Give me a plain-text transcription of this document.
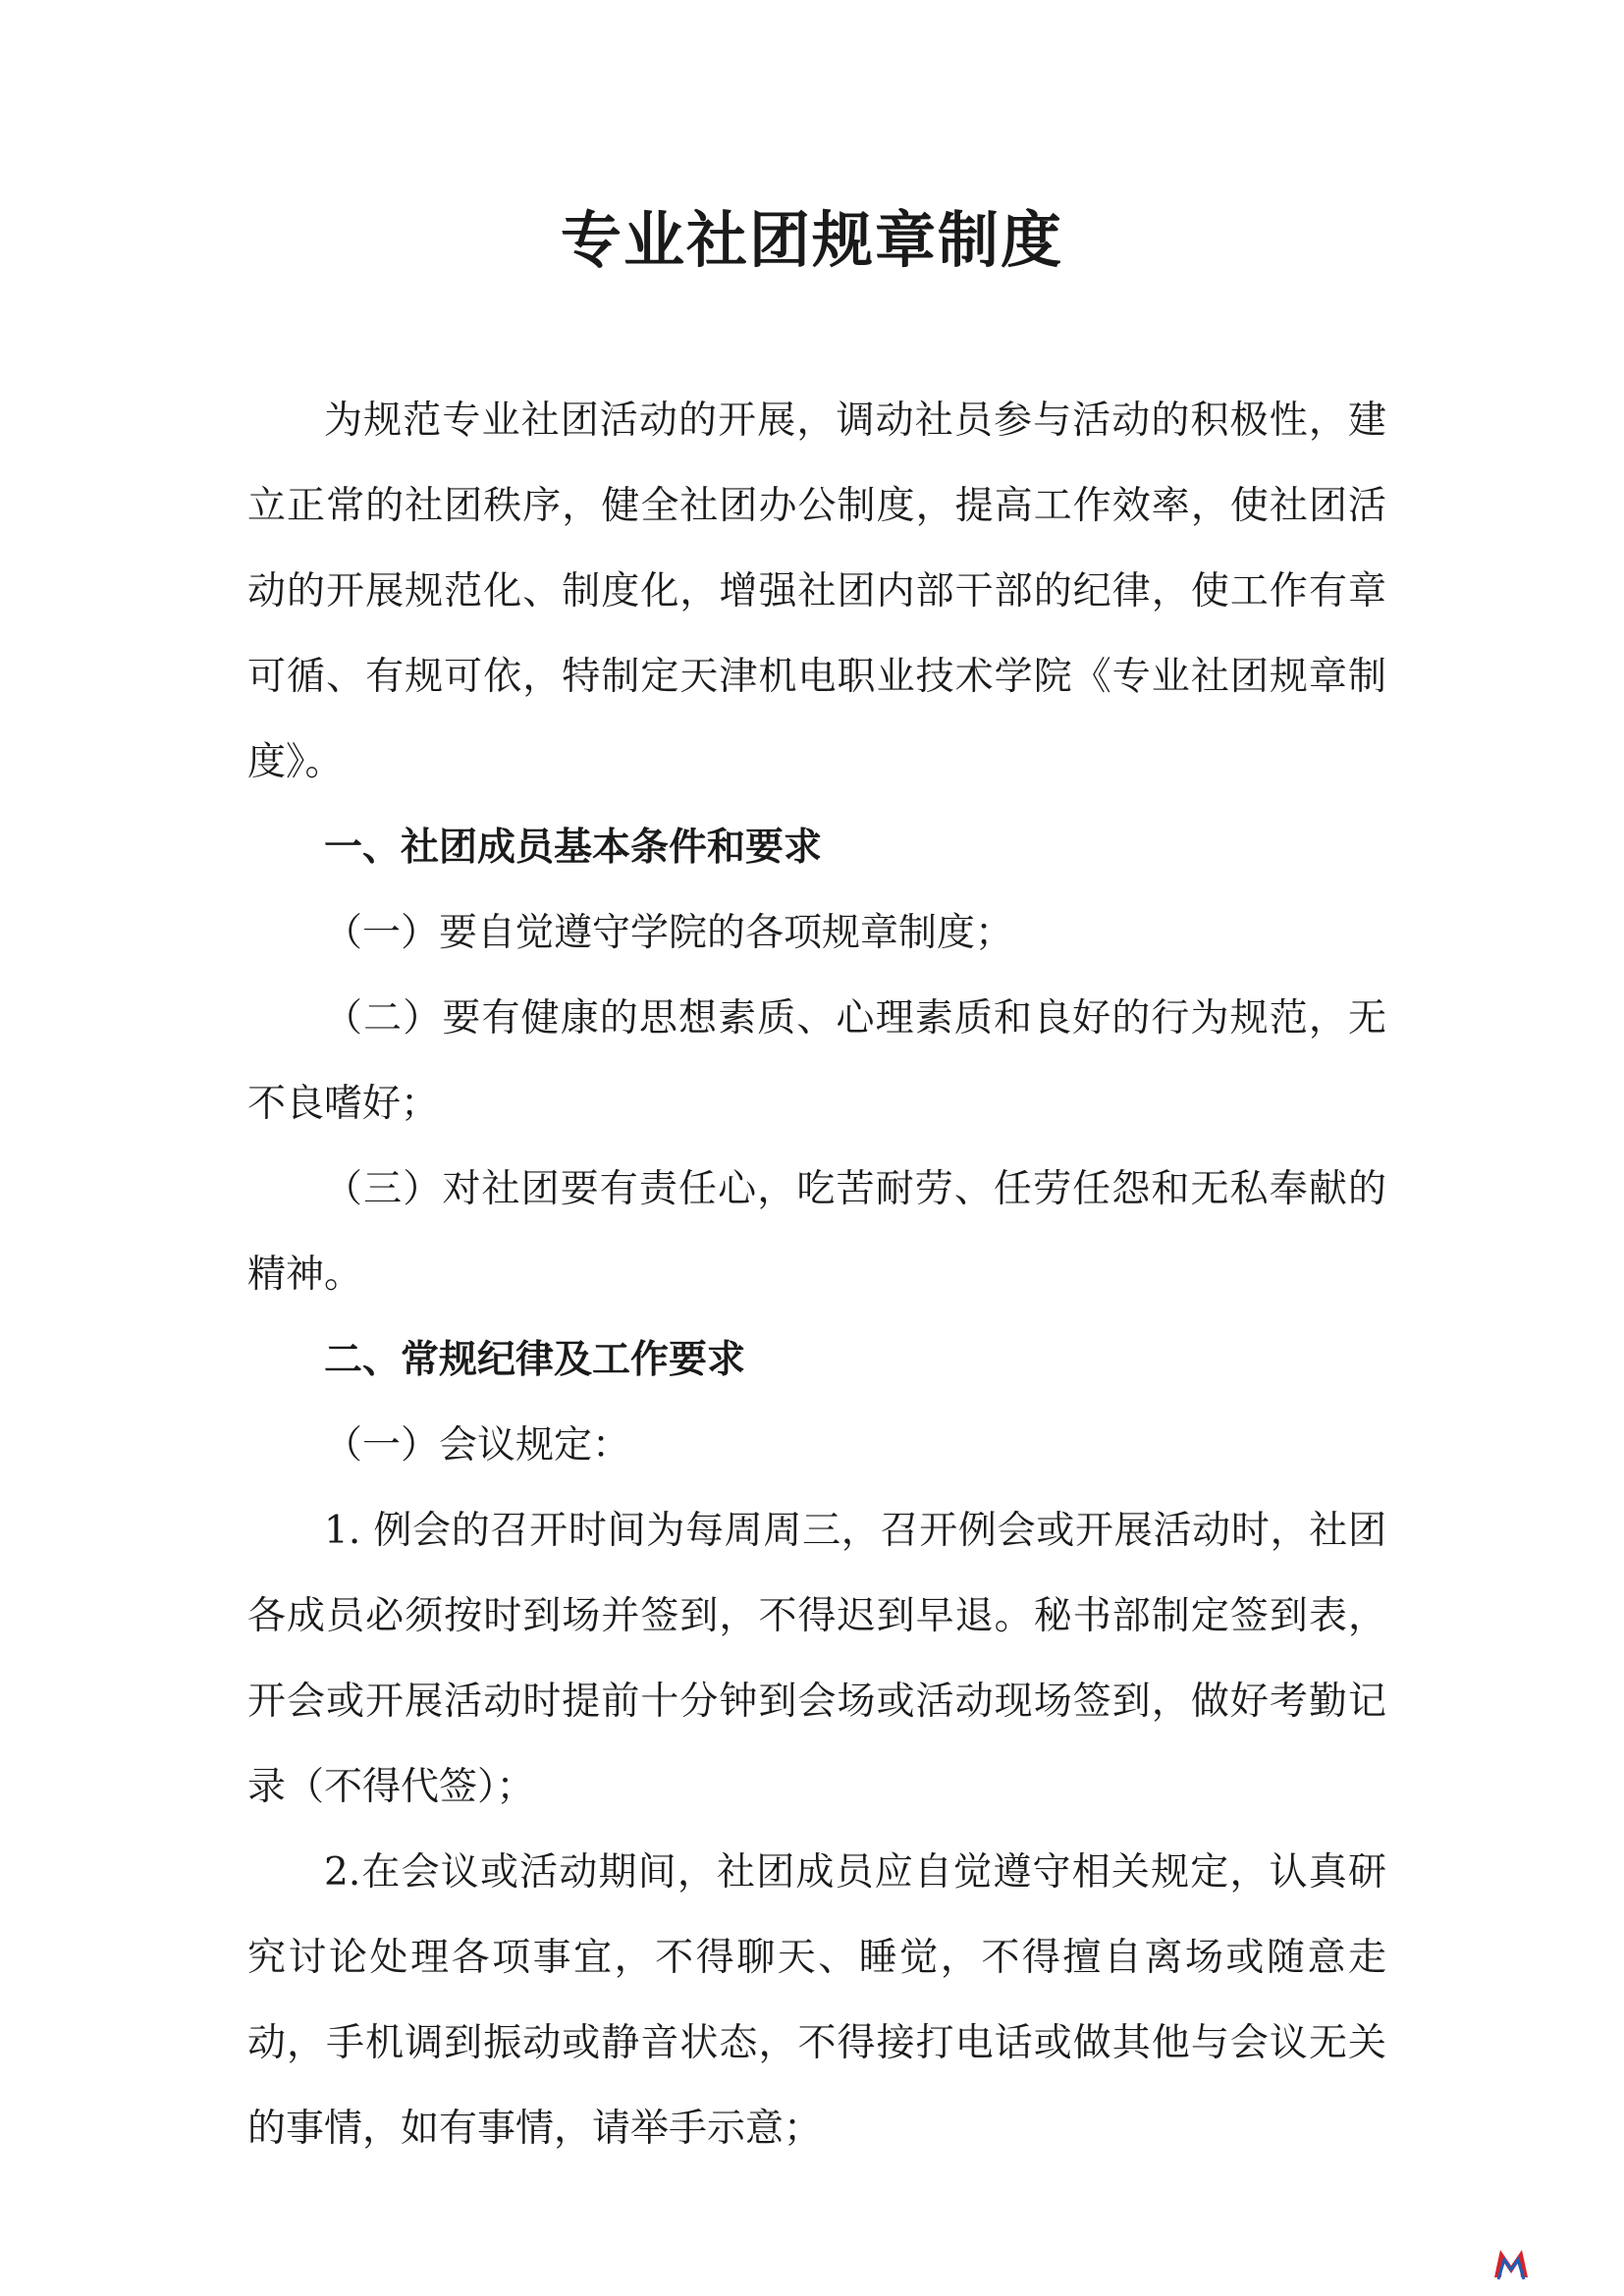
专业社团规章制度

为规范专业社团活动的开展，调动社员参与活动的积极性，建立正常的社团秩序，健全社团办公制度，提高工作效率，使社团活动的开展规范化、制度化，增强社团内部干部的纪律，使工作有章可循、有规可依，特制定天津机电职业技术学院《专业社团规章制度》。

一、社团成员基本条件和要求

（一）要自觉遵守学院的各项规章制度；

（二）要有健康的思想素质、心理素质和良好的行为规范，无不良嗜好；

（三）对社团要有责任心，吃苦耐劳、任劳任怨和无私奉献的精神。

二、常规纪律及工作要求

（一）会议规定：

1. 例会的召开时间为每周周三，召开例会或开展活动时，社团各成员必须按时到场并签到，不得迟到早退。秘书部制定签到表，开会或开展活动时提前十分钟到会场或活动现场签到，做好考勤记录（不得代签）；

2.在会议或活动期间，社团成员应自觉遵守相关规定，认真研究讨论处理各项事宜，不得聊天、睡觉，不得擅自离场或随意走动，手机调到振动或静音状态，不得接打电话或做其他与会议无关的事情，如有事情，请举手示意；
